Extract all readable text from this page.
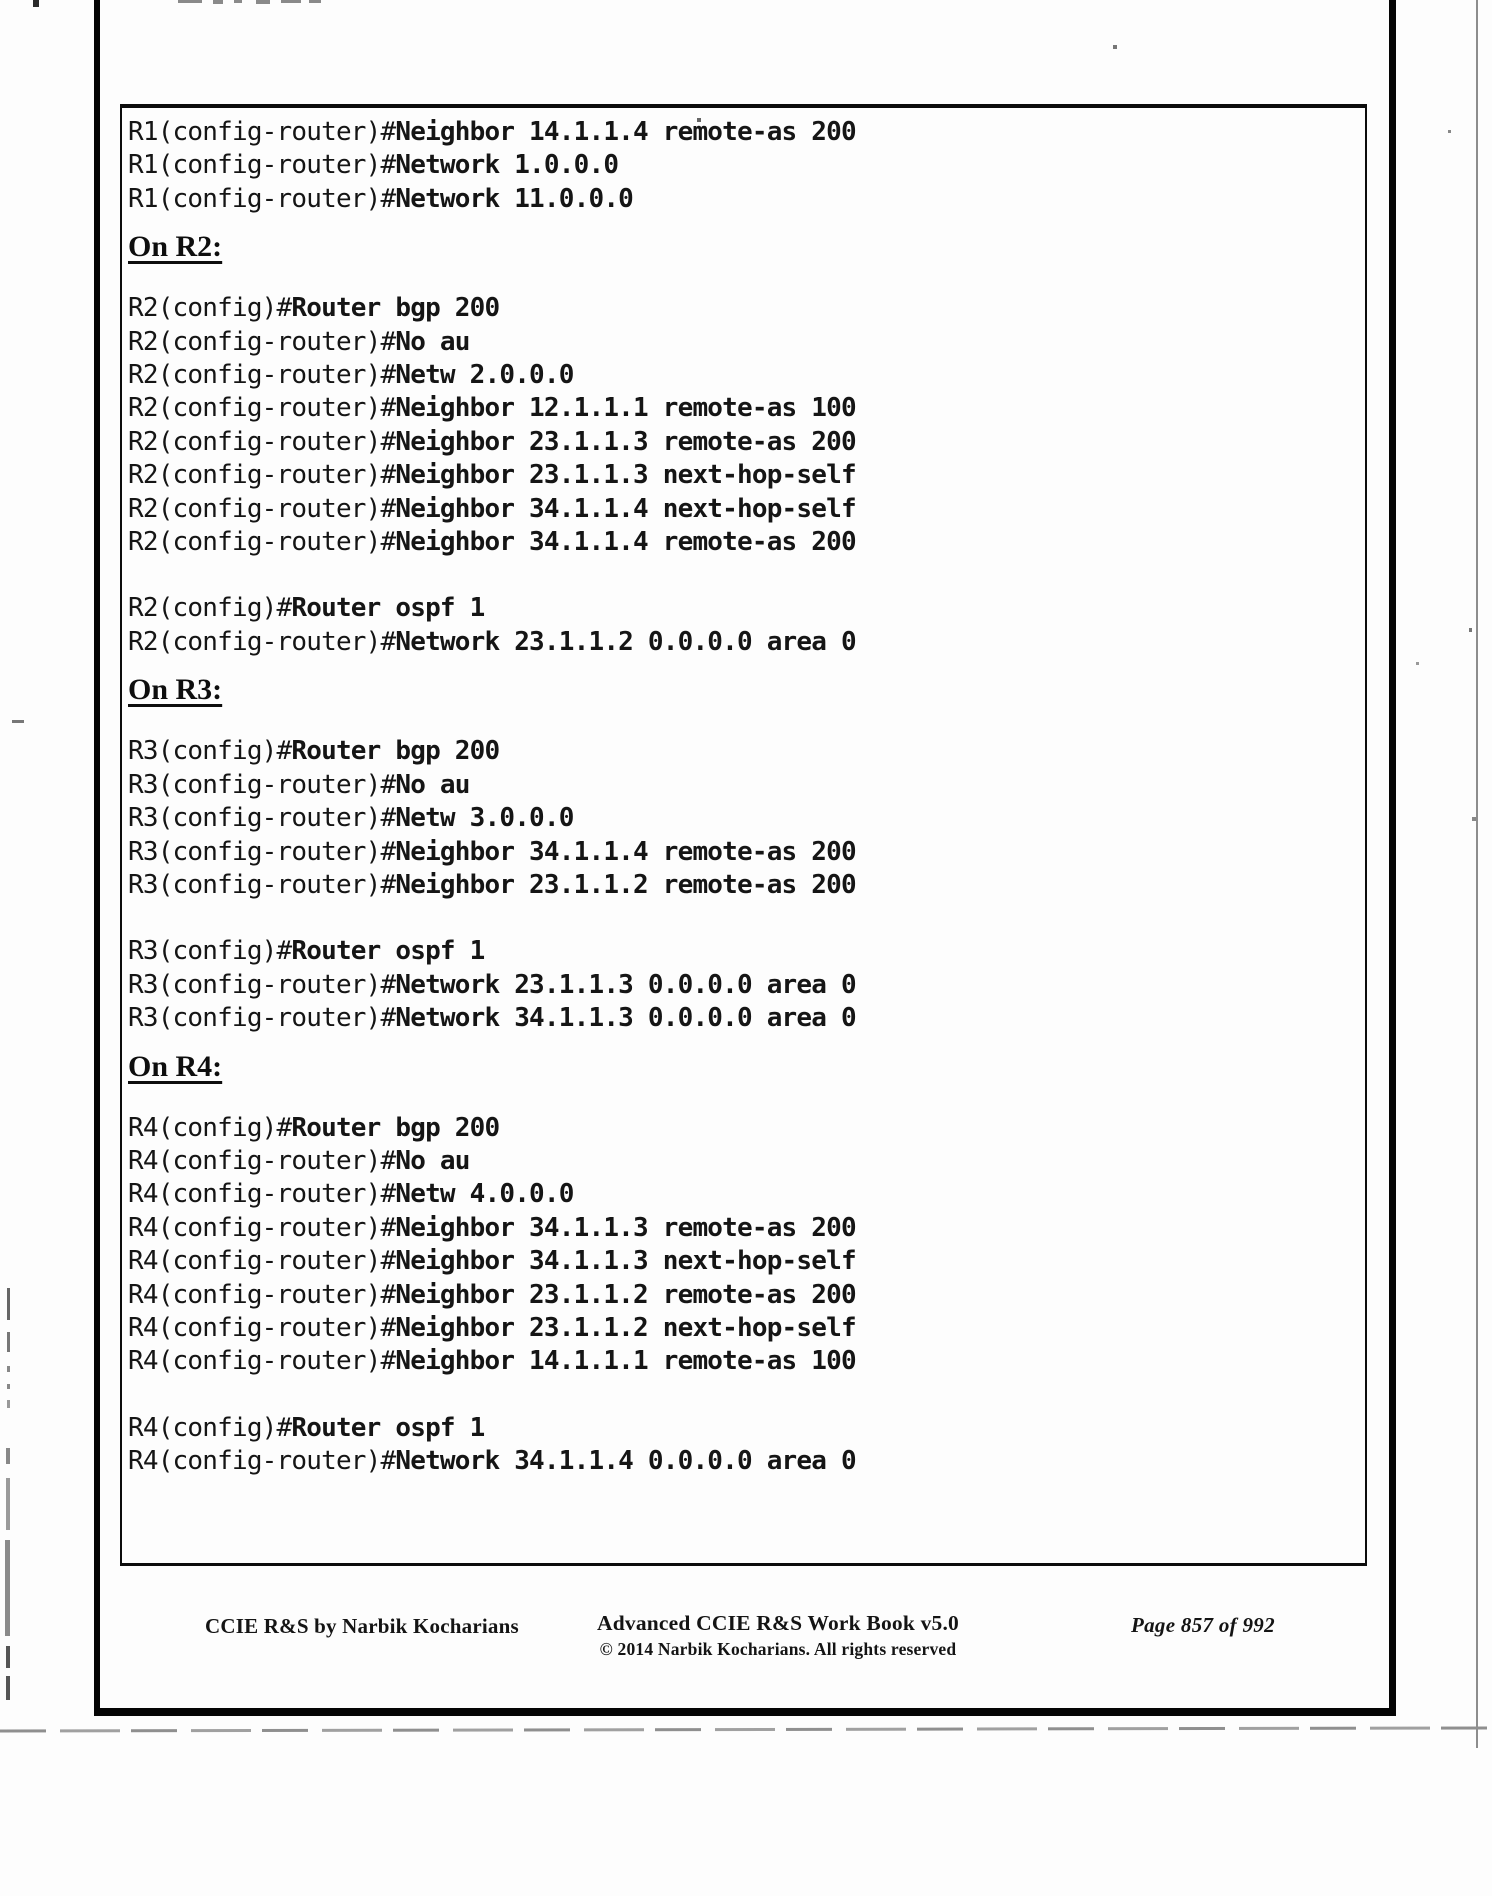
R1(config-router)#Neighbor 14.1.1.4 remote-as 200
R1(config-router)#Network 1.0.0.0
R1(config-router)#Network 11.0.0.0
On R2:
R2(config)#Router bgp 200
R2(config-router)#No au
R2(config-router)#Netw 2.0.0.0
R2(config-router)#Neighbor 12.1.1.1 remote-as 100
R2(config-router)#Neighbor 23.1.1.3 remote-as 200
R2(config-router)#Neighbor 23.1.1.3 next-hop-self
R2(config-router)#Neighbor 34.1.1.4 next-hop-self
R2(config-router)#Neighbor 34.1.1.4 remote-as 200
R2(config)#Router ospf 1
R2(config-router)#Network 23.1.1.2 0.0.0.0 area 0
On R3:
R3(config)#Router bgp 200
R3(config-router)#No au
R3(config-router)#Netw 3.0.0.0
R3(config-router)#Neighbor 34.1.1.4 remote-as 200
R3(config-router)#Neighbor 23.1.1.2 remote-as 200
R3(config)#Router ospf 1
R3(config-router)#Network 23.1.1.3 0.0.0.0 area 0
R3(config-router)#Network 34.1.1.3 0.0.0.0 area 0
On R4:
R4(config)#Router bgp 200
R4(config-router)#No au
R4(config-router)#Netw 4.0.0.0
R4(config-router)#Neighbor 34.1.1.3 remote-as 200
R4(config-router)#Neighbor 34.1.1.3 next-hop-self
R4(config-router)#Neighbor 23.1.1.2 remote-as 200
R4(config-router)#Neighbor 23.1.1.2 next-hop-self
R4(config-router)#Neighbor 14.1.1.1 remote-as 100
R4(config)#Router ospf 1
R4(config-router)#Network 34.1.1.4 0.0.0.0 area 0
CCIE R&S by Narbik Kocharians	Advanced CCIE R&S Work Book v5.0
© 2014 Narbik Kocharians. All rights reserved
Page 857 of 992
